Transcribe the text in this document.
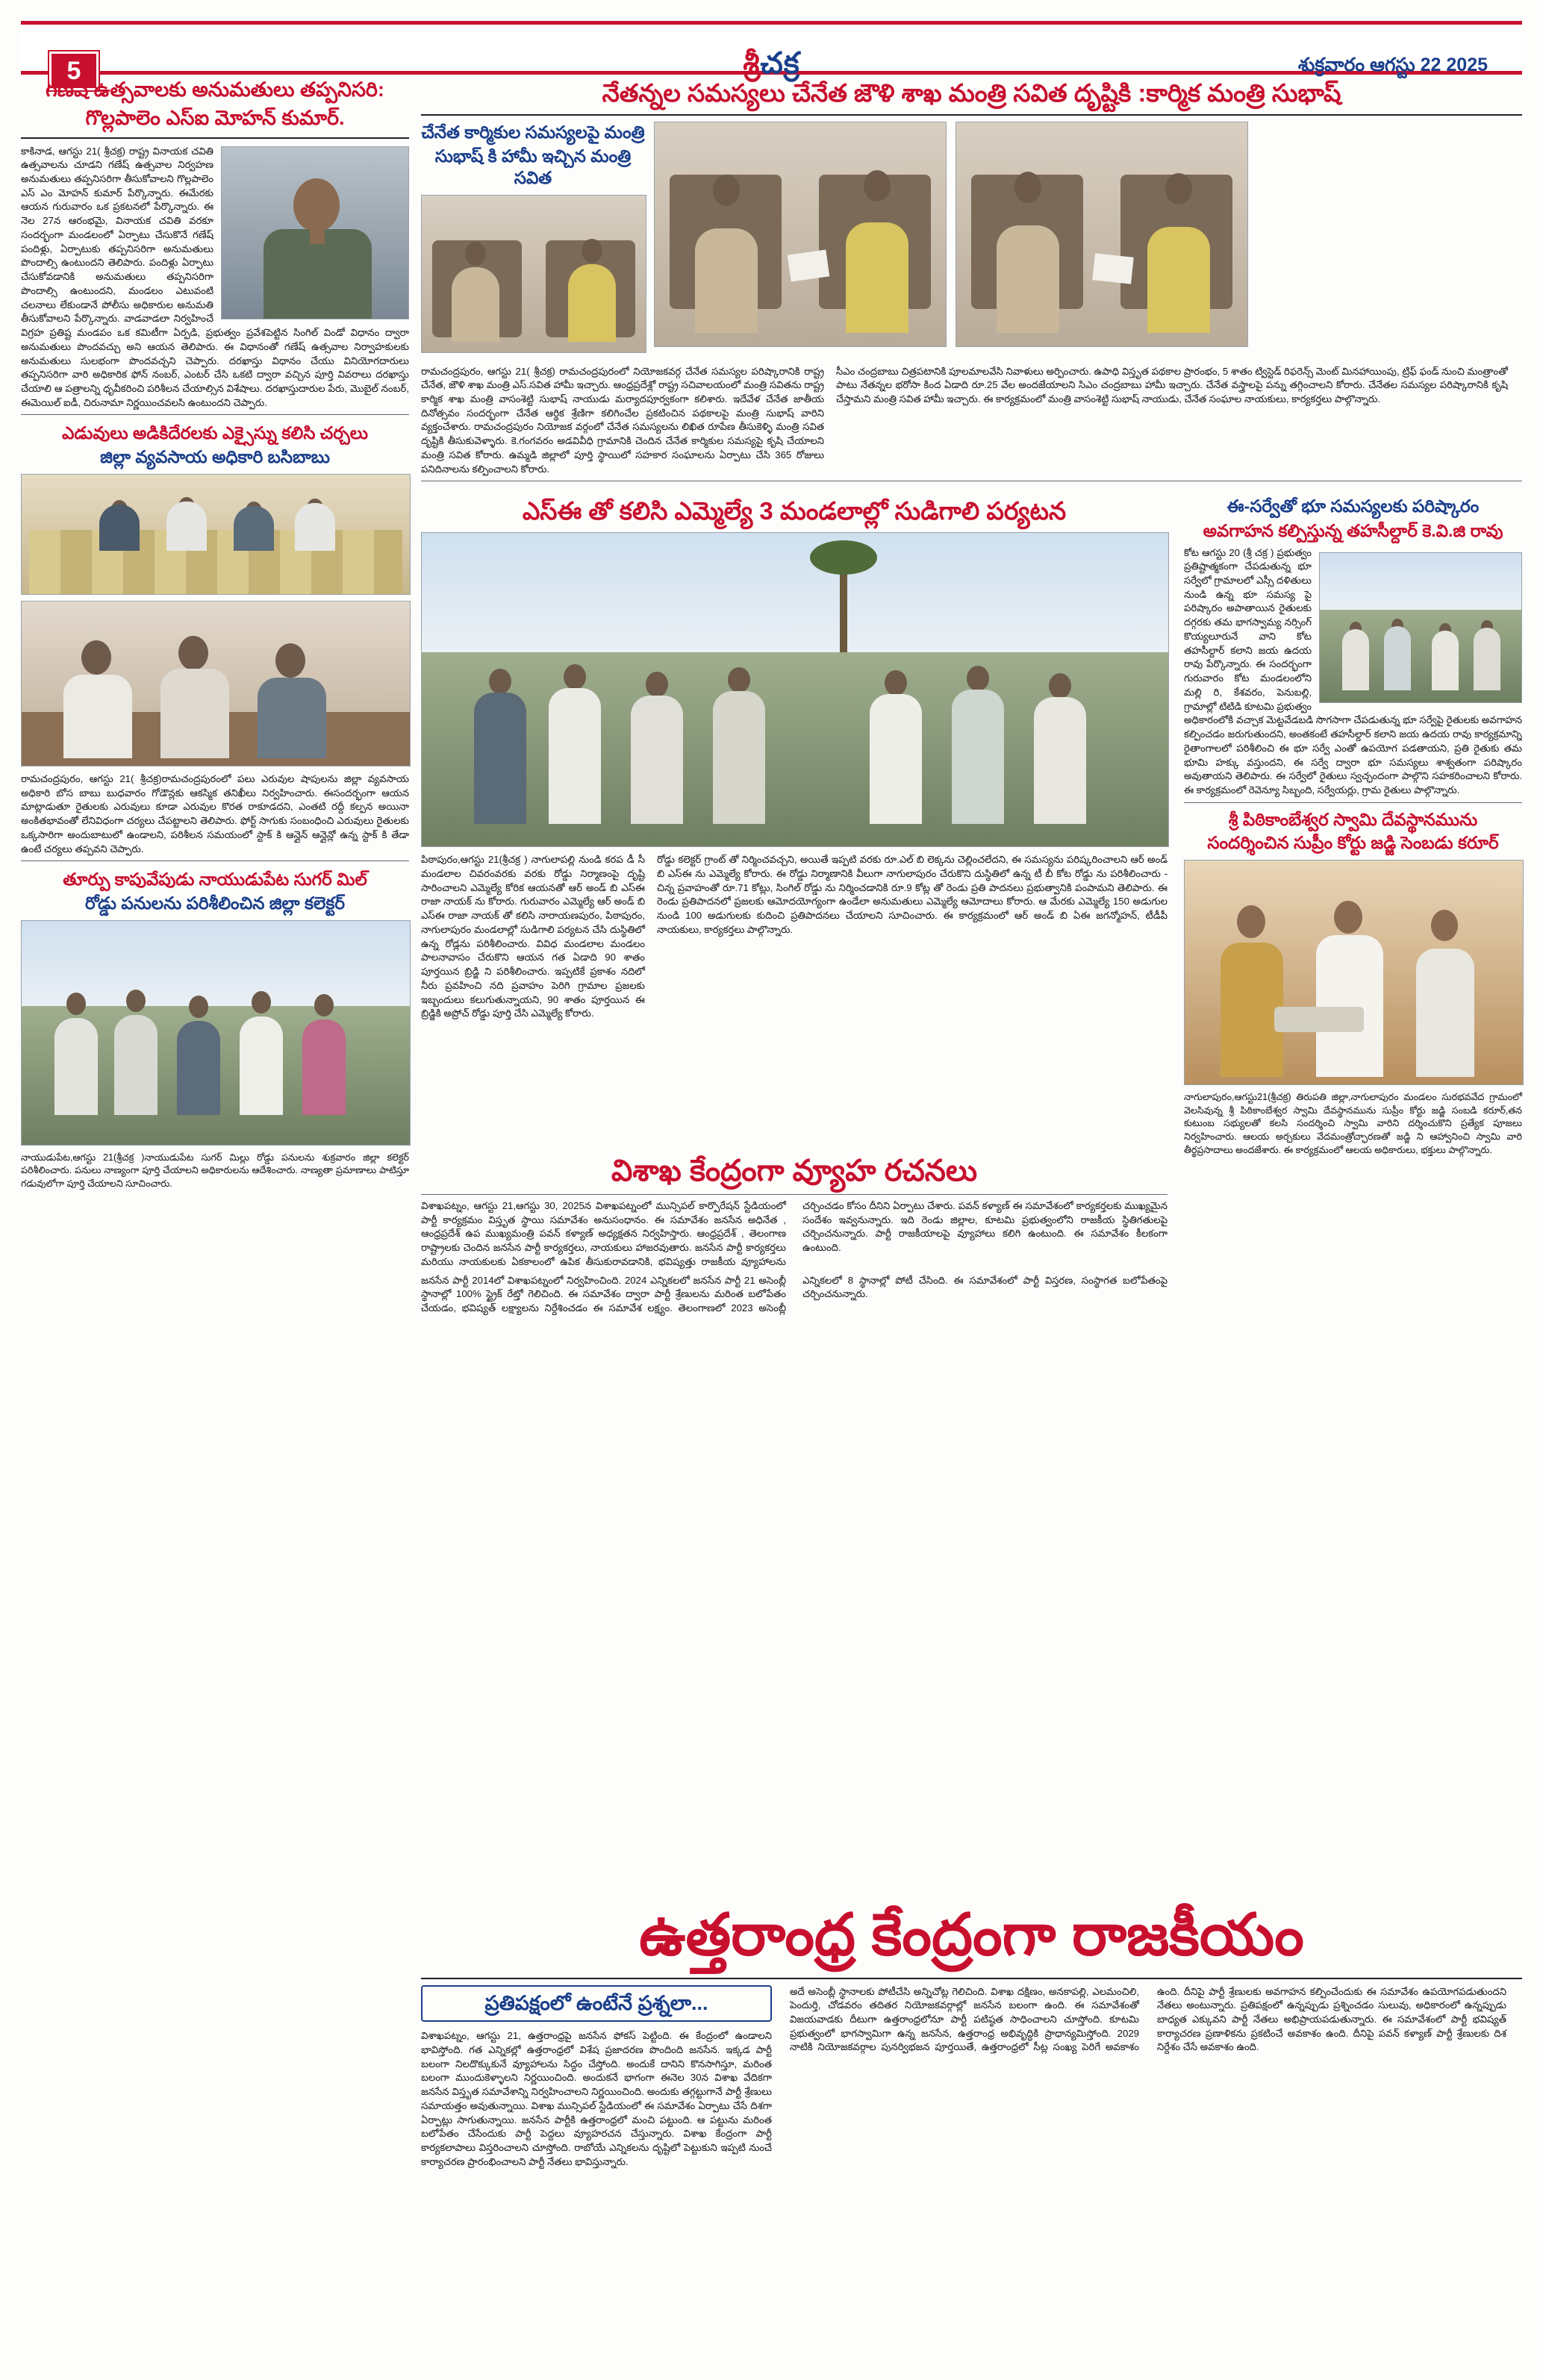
5	శ్రీచక్ర	శుక్రవారం ఆగస్టు 22 2025
గణేష్ ఉత్సవాలకు అనుమతులు తప్పనిసరి:
గొల్లపాలెం ఎస్ఐ మోహన్ కుమార్.
కాకినాడ, ఆగస్టు 21( శ్రీచక్ర) రాష్ట్ర వినాయక చవితి ఉత్సవాలను చూడని గణేష్ ఉత్సవాల నిర్వహణ అనుమతులు తప్పనిసరిగా తీసుకోవాలని గొల్లపాలెం ఎస్ ఎం మోహన్ కుమార్ పేర్కొన్నారు. ఈమేరకు ఆయన గురువారం ఒక ప్రకటనలో పేర్కొన్నారు. ఈ నెల 27న ఆరంభమై, వినాయక చవితి వరకూ సందర్భంగా మండలంలో ఏర్పాటు చేసుకొనే గణేష్ పందిళ్లు, ఏర్పాటుకు తప్పనిసరిగా అనుమతులు పొందాల్సి ఉంటుందని తెలిపారు. పందిళ్లు ఏర్పాటు చేసుకోవడానికి అనుమతులు తప్పనిసరిగా పొందాల్సి ఉంటుందని, మండలం ఎటువంటి చలనాలు లేకుండానే పోలీసు అధికారుల అనుమతి తీసుకోవాలని పేర్కొన్నారు. వాడవాడలా నిర్వహించే విగ్రహ ప్రతిష్ట మండపం ఒక కమిటీగా ఏర్పడి, ప్రభుత్వం ప్రవేశపెట్టిన సింగిల్ విండో విధానం ద్వారా అనుమతులు పొందవచ్చు అని ఆయన తెలిపారు. ఈ విధానంతో గణేష్ ఉత్సవాల నిర్వాహకులకు అనుమతులు సులభంగా పొందవచ్చని చెప్పారు. దరఖాస్తు విధానం చేయు వినియోగదారులు తప్పనిసరిగా వారి అధికారిక ఫోన్ నంబర్, ఎంటర్ చేసి ఒకటి ద్వారా వచ్చిన పూర్తి వివరాలు దరఖాస్తు చేయాలి ఆ పత్రాలన్ని ధృవీకరించి పరిశీలన చేయాల్సిన విశేషాలు. దరఖాస్తుదారుల పేరు, మొబైల్ నంబర్, ఈమెయిల్ ఐడీ, చిరునామా నిర్ణయించవలసి ఉంటుందని చెప్పారు.
ఎడువులు అడికిదేరలకు ఎక్సైస్ను కలిసి చర్చలు
జిల్లా వ్యవసాయ అధికారి బసిబాబు
రామచంద్రపురం, ఆగస్టు 21( శ్రీచక్ర)రామచంద్రపురంలో పలు ఎరువుల షాపులను జిల్లా వ్యవసాయ అధికారి బోస బాబు బుధవారం గోడౌన్లకు ఆకస్మిక తనిఖీలు నిర్వహించారు. ఈసందర్భంగా ఆయన మాట్లాడుతూ రైతులకు ఎరువులు కూడా ఎరువుల కొరత రాకూడదని, ఎంతటి రద్దీ కల్పన అయినా అంకితభావంతో లేనివిధంగా చర్యలు చేపట్టాలని తెలిపారు. ఫోర్ట్ సాగుకు సంబంధించి ఎరువులు రైతులకు ఒక్కసారిగా అందుబాటులో ఉండాలని, పరిశీలన సమయంలో స్టాక్ కి ఆన్లైన్ ఆన్లైన్లో ఉన్న స్టాక్ కి తేడా ఉంటే చర్యలు తప్పవని చెప్పారు.
తూర్పు కాపువేపుడు నాయుడుపేట సుగర్ మిల్
రోడ్డు పనులను పరిశీలించిన జిల్లా కలెక్టర్
నాయుడుపేట,ఆగస్టు 21(శ్రీచక్ర )నాయుడుపేట సుగర్ మిల్లు రోడ్డు పనులను శుక్రవారం జిల్లా కలెక్టర్ పరిశీలించారు. పనులు నాణ్యంగా పూర్తి చేయాలని అధికారులను ఆదేశించారు. నాణ్యతా ప్రమాణాలు పాటిస్తూ గడువులోగా పూర్తి చేయాలని సూచించారు.
నేతన్నల సమస్యలు చేనేత జౌళి శాఖ మంత్రి సవిత దృష్టికి :కార్మిక మంత్రి సుభాష్
చేనేత కార్మికుల సమస్యలపై మంత్రి
సుభాష్ కి హామీ ఇచ్చిన మంత్రి సవిత
రామచంద్రపురం, ఆగస్టు 21( శ్రీచక్ర) రామచంద్రపురంలో నియోజకవర్గ చేనేత సమస్యల పరిష్కారానికి రాష్ట్ర చేనేత, జౌళి శాఖ మంత్రి ఎస్.సవిత హామీ ఇచ్చారు. ఆంధ్రప్రదేశ్లో రాష్ట్ర సచివాలయంలో మంత్రి సవితను రాష్ట్ర కార్మిక శాఖ మంత్రి వాసంశెట్టి సుభాష్ నాయుడు మర్యాదపూర్వకంగా కలిశారు. ఇదేవేళ చేనేత జాతీయ దినోత్సవం సందర్భంగా చేనేత ఆర్థిక శ్రేణిగా కలిగించేల ప్రకటించిన పథకాలపై మంత్రి సుభాష్ వారిని వ్యక్తంచేశారు. రామచంద్రపురం నియోజక వర్గంలో చేనేత సమస్యలను లిఖిత రూపేణ తీసుకెళ్ళి మంత్రి సవిత దృష్టికి తీసుకువెళ్ళారు. కె.గంగవరం అడవివీధి గ్రామానికి చెందిన చేనేత కార్మికుల సమస్యపై కృషి చేయాలని మంత్రి సవిత కోరారు. ఉమ్మడి జిల్లాలో పూర్తి స్థాయిలో సహకార సంఘాలను ఏర్పాటు చేసి 365 రోజులు పనిదినాలను కల్పించాలని కోరారు.
సీఎం చంద్రబాబు చిత్రపటానికి పూలమాలవేసి నివాళులు అర్పించారు. ఉపాధి విస్తృత పథకాల ప్రారంభం, 5 శాతం ట్విస్టెడ్ రిఫరెన్స్ మెంట్ మినహాయింపు, ట్రిఫ్ ఫండ్ నుంచి మంత్రాంతో పాటు నేతన్నల భరోసా కింద ఏడాది రూ.25 వేల అందజేయాలని సిఎం చంద్రబాబు హామీ ఇచ్చారు. చేనేత వస్త్రాలపై పన్ను తగ్గించాలని కోరారు. చేనేతల సమస్యల పరిష్కారానికి కృషి చేస్తామని మంత్రి సవిత హామీ ఇచ్చారు. ఈ కార్యక్రమంలో మంత్రి వాసంశెట్టి సుభాష్ నాయుడు, చేనేత సంఘాల నాయకులు, కార్యకర్తలు పాల్గొన్నారు.
ఎస్ఈ తో కలిసి ఎమ్మెల్యే 3 మండలాల్లో సుడిగాలి పర్యటన
పిఠాపురం,ఆగస్టు 21(శ్రీచక్ర ) నాగులాపల్లి నుండి కరప డీ సీ మండలాల చివరంవరకు వరకు రోడ్డు నిర్మాణంపై దృష్టి సారించాలని ఎమ్మెల్యే కోరిక ఆయనతో ఆర్ అండ్ బి ఎస్ఈ రాజా నాయక్ ను కోరారు. గురువారం ఎమ్మెల్యే ఆర్ అండ్ బి ఎస్ఈ రాజా నాయక్ తో కలిసి నారాయణపురం, పిఠాపురం, నాగులాపురం మండలాల్లో సుడిగాలి పర్యటన చేసి దుస్థితిలో ఉన్న రోడ్లను పరిశీలించారు. వివిధ మండలాల మండలం పాలనావాసం చేరుకొని ఆయన గత ఏడాది 90 శాతం పూర్తయిన బ్రిడ్జి ని పరిశీలించారు. ఇప్పటికే ప్రకాశం నదిలో నీరు ప్రవహించి నది ప్రవాహం పెరిగి గ్రామాల ప్రజలకు ఇబ్బందులు కలుగుతున్నాయని, 90 శాతం పూర్తయిన ఈ బ్రిడ్జికి అప్రోచ్ రోడ్డు పూర్తి చేసి ఎమ్మెల్యే కోరారు.
రోడ్డు కలెక్టర్ గ్రాంట్ తో నిర్మించవచ్చని, అయితే ఇప్పటి వరకు రూ.ఎల్ బి లెక్కను చెల్లించలేదని, ఈ సమస్యను పరిష్కరించాలని ఆర్ అండ్ బి ఎస్ఈ ను ఎమ్మెల్యే కోరారు. ఈ రోడ్డు నిర్మాణానికి వీలుగా నాగులాపురం చేరుకొని దుస్థితిలో ఉన్న టీ బీ కోట రోడ్డు ను పరిశీలించారు - చిన్న ప్రవాహంతో రూ.71 కోట్లు, సింగిల్ రోడ్డు ను నిర్మించడానికి రూ.9 కోట్ల తో రెండు ప్రతి పాదనలు ప్రభుత్వానికి పంపామని తెలిపారు. ఈ రెండు ప్రతిపాదనలో ప్రజలకు ఆమోదయోగ్యంగా ఉండేలా అనుమతులు ఎమ్మెల్యే ఆమోదాలు కోరారు. ఆ మేరకు ఎమ్మెల్యే 150 అడుగుల నుండి 100 అడుగులకు కుదించి ప్రతిపాదనలు చేయాలని సూచించారు. ఈ కార్యక్రమంలో ఆర్ అండ్ బి ఏఈ జగన్మోహన్, టీడీపీ నాయకులు, కార్యకర్తలు పాల్గొన్నారు.
ఈ-సర్వేతో భూ సమస్యలకు పరిష్కారం
అవగాహన కల్పిస్తున్న తహసీల్దార్ కె.వి.జి రావు
కోట ఆగస్టు 20 (శ్రీ చక్ర ) ప్రభుత్వం ప్రతిష్టాత్మకంగా చేపడుతున్న భూ సర్వేలో గ్రామాలలో ఎస్సీ దళితులు నుండి ఉన్న భూ సమస్య పై పరిష్కారం అపాతాయిన రైతులకు దగ్గరకు తమ భాగస్వామ్య నర్సింగ్ కొయ్యలూరునే వాని కోట తహసీల్దార్ కలాని జయ ఉదయ రావు పేర్కొన్నారు. ఈ సందర్భంగా గురువారం కోట మండలంలోని మల్లి రి, కేశవరం, పెనుబల్లి, గ్రామాల్లో టిటిడి కూటమి ప్రభుత్వం అధికారంలోకి వచ్చాక మెట్టవేడబడి సొగసాగా చేపడుతున్న భూ సర్వేపై రైతులకు అవగాహన కల్పించడం జరుగుతుందని, అంతకంటే తహసీల్దార్ కలాని జయ ఉదయ రావు కార్యక్రమాన్ని రైతాంగాలలో పరిశీలించి ఈ భూ సర్వే ఎంతో ఉపయోగ పడతాయని, ప్రతి రైతుకు తమ భూమి హక్కు వస్తుందని, ఈ సర్వే ద్వారా భూ సమస్యలు శాశ్వతంగా పరిష్కారం అవుతాయని తెలిపారు. ఈ సర్వేలో రైతులు స్వచ్ఛందంగా పాల్గొని సహకరించాలని కోరారు. ఈ కార్యక్రమంలో రెవెన్యూ సిబ్బంది, సర్వేయర్లు, గ్రామ రైతులు పాల్గొన్నారు.
శ్రీ పిఠికాంబేశ్వర స్వామి దేవస్థానమును
సందర్శించిన సుప్రీం కోర్టు జడ్జి సెంబడు కరూర్
నాగులాపురం,ఆగస్టు21(శ్రీచక్ర) తిరుపతి జిల్లా,నాగులాపురం మండలం సురభవవేద గ్రామంలో వెలసివున్న శ్రీ పిఠికాంబేశ్వర స్వామి దేవస్థానమును సుప్రీం కోర్టు జడ్జి సంబడి కరూర్,తన కుటుంబ సభ్యులతో కలసి సందర్శించి స్వామి వారిని దర్శించుకొని ప్రత్యేక పూజలు నిర్వహించారు. ఆలయ అర్చకులు వేదమంత్రోచ్ఛారణతో జడ్జి ని ఆహ్వానించి స్వామి వారి తీర్థప్రసాదాలు అందజేశారు. ఈ కార్యక్రమంలో ఆలయ అధికారులు, భక్తులు పాల్గొన్నారు.
విశాఖ కేంద్రంగా వ్యూహ రచనలు
విశాఖపట్నం, ఆగస్టు 21,ఆగస్టు 30, 2025న విశాఖపట్నంలో మున్సిపల్ కార్పొరేషన్ స్టేడియంలో పార్టీ కార్యక్రమం విస్తృత స్థాయి సమావేశం అనుసంధానం. ఈ సమావేశం జనసేన అధినేత , ఆంధ్రప్రదేశ్ ఉప ముఖ్యమంత్రి పవన్ కళ్యాణ్ అధ్యక్షతన నిర్వహిస్తారు. ఆంధ్రప్రదేశ్ , తెలంగాణ రాష్ట్రాలకు చెందిన జనసేన పార్టీ కార్యకర్తలు, నాయకులు హాజరవుతారు. జనసేన పార్టీ కార్యకర్తలు మరియు నాయకులకు ఏకకాలంలో ఉపిక తీసుకురావడానికి, భవిష్యత్తు రాజకీయ వ్యూహాలను చర్చించడం కోసం దీనిని ఏర్పాటు చేశారు. పవన్ కళ్యాణ్ ఈ సమావేశంలో కార్యకర్తలకు ముఖ్యమైన సందేశం ఇవ్వనున్నారు. ఇది రెండు జిల్లాల, కూటమి ప్రభుత్వంలోని రాజకీయ స్థితిగతులపై చర్చించనున్నారు. పార్టీ రాజకీయాలపై వ్యూహాలు కలిగి ఉంటుంది. ఈ సమావేశం కీలకంగా ఉంటుంది.
జనసేన పార్టీ 2014లో విశాఖపట్నంలో నిర్వహించింది. 2024 ఎన్నికలలో జనసేన పార్టీ 21 అసెంబ్లీ స్థానాల్లో 100% స్ట్రైక్ రేట్తో గెలిచింది. ఈ సమావేశం ద్వారా పార్టీ శ్రేణులను మరింత బలోపేతం చేయడం, భవిష్యత్ లక్ష్యాలను నిర్దేశించడం ఈ సమావేశ లక్ష్యం. తెలంగాణలో 2023 అసెంబ్లీ ఎన్నికలలో 8 స్థానాల్లో పోటీ చేసింది. ఈ సమావేశంలో పార్టీ విస్తరణ, సంస్థాగత బలోపేతంపై చర్చించనున్నారు.
ఉత్తరాంధ్ర కేంద్రంగా రాజకీయం
ప్రతిపక్షంలో ఉంటేనే ప్రశ్నలా...
విశాఖపట్నం, ఆగస్టు 21, ఉత్తరాంధ్రపై జనసేన ఫోకస్ పెట్టింది. ఈ కేంద్రంలో ఉండాలని భావిస్తోంది. గత ఎన్నికల్లో ఉత్తరాంధ్రలో విశేష ప్రజాదరణ పొందింది జనసేన. ఇక్కడ పార్టీ బలంగా నిలదొక్కుకునే వ్యూహాలను సిద్ధం చేస్తోంది. అందుకే దానిని కొనసాగిస్తూ, మరింత బలంగా ముందుకెళ్ళాలని నిర్ణయించింది. అందుకనే భాగంగా ఈనెల 30న విశాఖ వేదికగా జనసేన విస్తృత సమావేశాన్ని నిర్వహించాలని నిర్ణయించింది. అందుకు తగ్గట్టుగానే పార్టీ శ్రేణులు సమాయత్తం అవుతున్నాయి. విశాఖ మున్సిపల్ స్టేడియంలో ఈ సమావేశం ఏర్పాటు చేసే దిశగా ఏర్పాట్లు సాగుతున్నాయి. జనసేన పార్టీకి ఉత్తరాంధ్రలో మంచి పట్టుంది. ఆ పట్టును మరింత బలోపేతం చేసేందుకు పార్టీ పెద్దలు వ్యూహరచన చేస్తున్నారు. విశాఖ కేంద్రంగా పార్టీ కార్యకలాపాలు విస్తరించాలని చూస్తోంది. రాబోయే ఎన్నికలను దృష్టిలో పెట్టుకుని ఇప్పటి నుంచే కార్యాచరణ ప్రారంభించాలని పార్టీ నేతలు భావిస్తున్నారు.
అదే అసెంబ్లీ స్థానాలకు పోటీచేసి అన్నిచోట్ల గెలిచింది. విశాఖ దక్షిణం, అనకాపల్లి, ఎలమంచిలి, పెందుర్తి, చోడవరం తదితర నియోజకవర్గాల్లో జనసేన బలంగా ఉంది. ఈ సమావేశంతో విజయవాడకు దీటుగా ఉత్తరాంధ్రలోనూ పార్టీ పటిష్ఠత సాధించాలని చూస్తోంది. కూటమి ప్రభుత్వంలో భాగస్వామిగా ఉన్న జనసేన, ఉత్తరాంధ్ర అభివృద్ధికి ప్రాధాన్యమిస్తోంది. 2029 నాటికి నియోజకవర్గాల పునర్విభజన పూర్తయితే, ఉత్తరాంధ్రలో సీట్ల సంఖ్య పెరిగే అవకాశం ఉంది. దీనిపై పార్టీ శ్రేణులకు అవగాహన కల్పించేందుకు ఈ సమావేశం ఉపయోగపడుతుందని నేతలు అంటున్నారు. ప్రతిపక్షంలో ఉన్నప్పుడు ప్రశ్నించడం సులువు, అధికారంలో ఉన్నప్పుడు బాధ్యత ఎక్కువని పార్టీ నేతలు అభిప్రాయపడుతున్నారు. ఈ సమావేశంలో పార్టీ భవిష్యత్ కార్యాచరణ ప్రణాళికను ప్రకటించే అవకాశం ఉంది. దీనిపై పవన్ కళ్యాణ్ పార్టీ శ్రేణులకు దిశ నిర్దేశం చేసే అవకాశం ఉంది.
